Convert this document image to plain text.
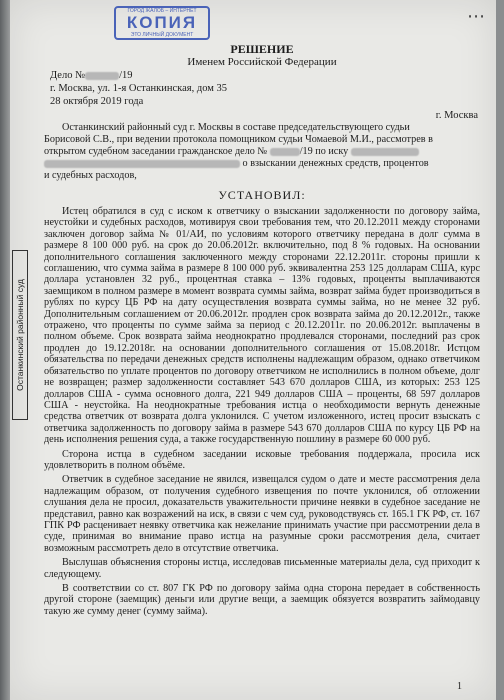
ГОРОД ЖАЛОБ – ИНТЕРНЕТ
КОПИЯ
ЭТО ЛИЧНЫЙ ДОКУМЕНТ
⋯
Останкинский районный суд
РЕШЕНИЕ
Именем Российской Федерации
Дело №	/19
г. Москва, ул. 1-я Останкинская, дом 35
28 октября 2019 года
г. Москва
Останкинский районный суд г. Москвы в составе председательствующего судьи
Борисовой С.В., при ведении протокола помощником судьи Чомаевой М.И., рассмотрев в
открытом судебном заседании гражданское дело №	/19 по иску
о взыскании денежных средств, процентов
и судебных расходов,
УСТАНОВИЛ:

Истец обратился в суд с иском к ответчику о взыскании задолженности по договору займа, неустойки и судебных расходов, мотивируя свои требования тем, что 20.12.2011 между сторонами заключен договор займа № 01/АИ, по условиям которого ответчику передана в долг сумма в размере 8 100 000 руб. на срок до 20.06.2012г. включительно, под 8 % годовых. На основании дополнительного соглашения заключенного между сторонами 22.12.2011г. стороны пришли к соглашению, что сумма займа в размере 8 100 000 руб. эквивалентна 253 125 долларам США, курс доллара установлен 32 руб., процентная ставка – 13% годовых, проценты выплачиваются заемщиком в полном размере в момент возврата суммы займа, возврат займа будет производиться в рублях по курсу ЦБ РФ на дату осуществления возврата суммы займа, но не менее 32 руб. Дополнительным соглашением от 20.06.2012г. продлен срок возврата займа до 20.12.2012г., также отражено, что проценты по сумме займа за период с 20.12.2011г. по 20.06.2012г. выплачены в полном объеме. Срок возврата займа неоднократно продлевался сторонами, последний раз срок продлен до 19.12.2018г. на основании дополнительного соглашения от 15.08.2018г. Истцом обязательства по передачи денежных средств исполнены надлежащим образом, однако ответчиком обязательство по уплате процентов по договору ответчиком не исполнились в полном объеме, долг не возвращен; размер задолженности составляет 543 670 долларов США, из которых: 253 125 долларов США - сумма основного долга, 221 949 долларов США – проценты, 68 597 долларов США - неустойка. На неоднократные требования истца о необходимости вернуть денежные средства ответчик от возврата долга уклонился. С учетом изложенного, истец просит взыскать с ответчика задолженность по договору займа в размере 543 670 долларов США по курсу ЦБ РФ на день исполнения решения суда, а также государственную пошлину в размере 60 000 руб.

Сторона истца в судебном заседании исковые требования поддержала, просила иск удовлетворить в полном объёме.

Ответчик в судебное заседание не явился, извещался судом о дате и месте рассмотрения дела надлежащим образом, от получения судебного извещения по почте уклонился, об отложении слушания дела не просил, доказательств уважительности причине неявки в судебное заседание не представил, равно как возражений на иск, в связи с чем суд, руководствуясь ст. 165.1 ГК РФ, ст. 167 ГПК РФ расценивает неявку ответчика как нежелание принимать участие при рассмотрении дела в суде, принимая во внимание право истца на разумные сроки рассмотрения дела, считает возможным рассмотреть дело в отсутствие ответчика.

Выслушав объяснения стороны истца, исследовав письменные материалы дела, суд приходит к следующему.

В соответствии со ст. 807 ГК РФ по договору займа одна сторона передает в собственность другой стороне (заемщик) деньги или другие вещи, а заемщик обязуется возвратить займодавцу такую же сумму денег (сумму займа).

1
